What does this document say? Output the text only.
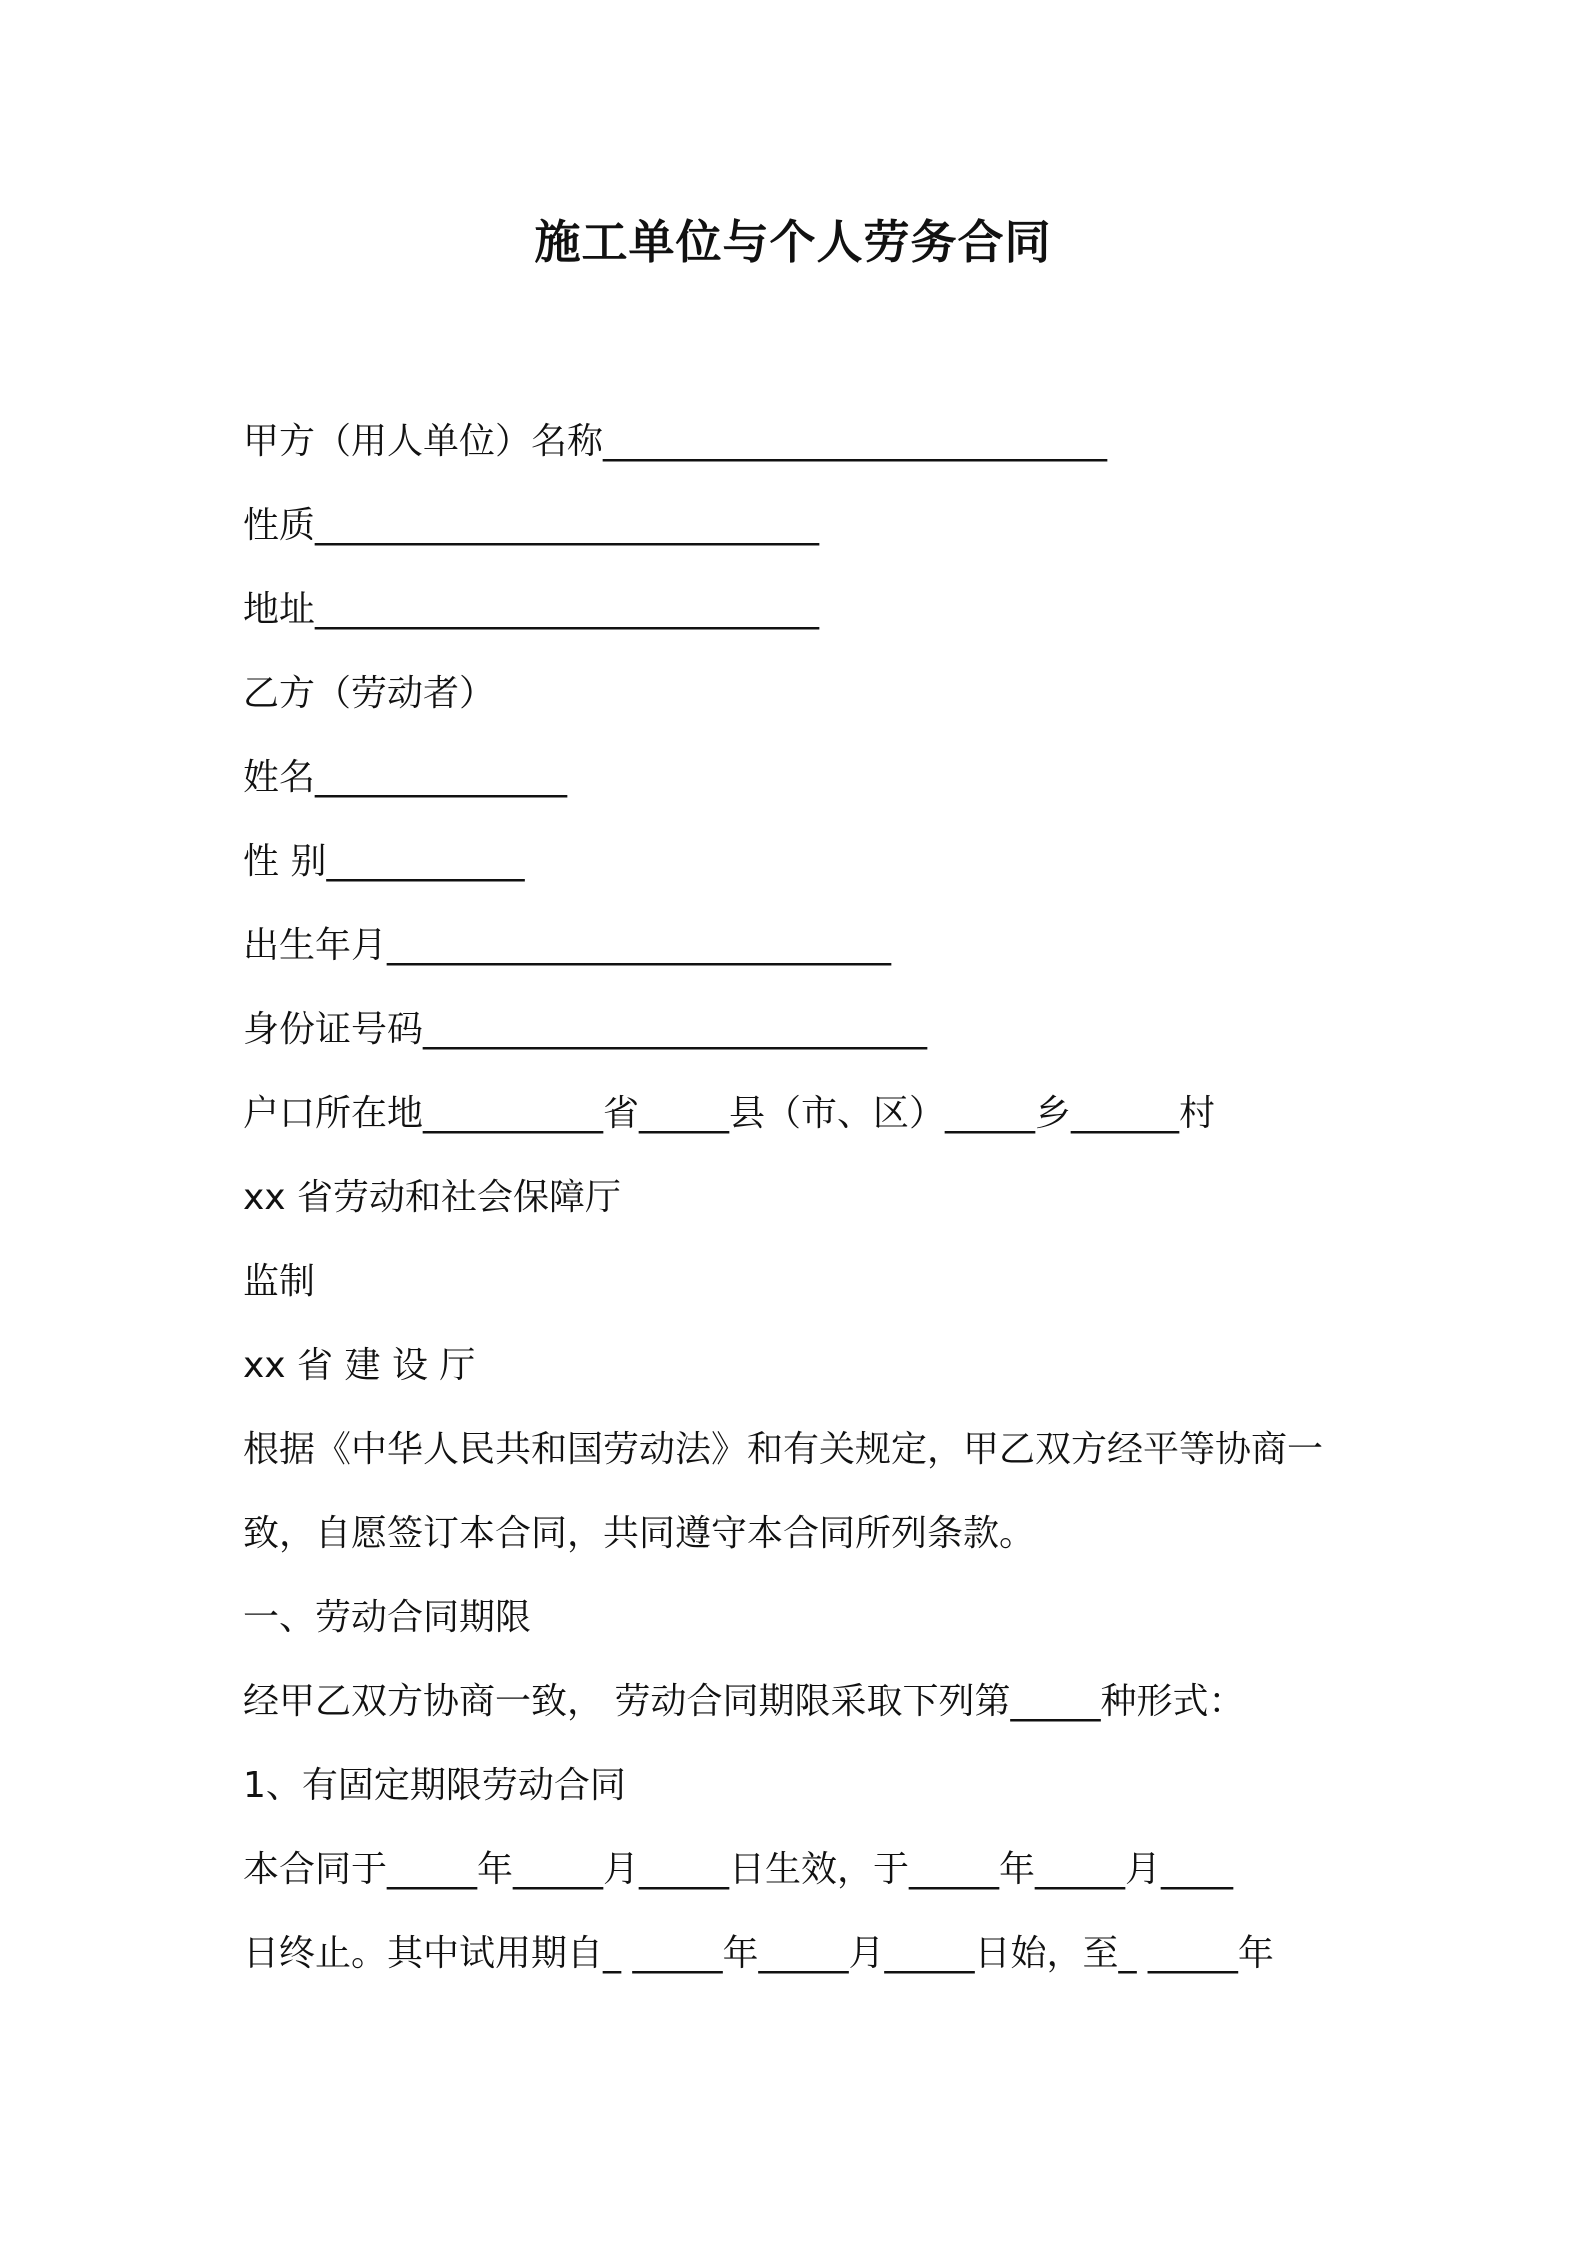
施工单位与个人劳务合同
甲方（用人单位）名称____________________________
性质____________________________
地址____________________________
乙方（劳动者）
姓名______________
性 别___________
出生年月____________________________
身份证号码____________________________
户口所在地__________省_____县（市、区）_____乡______村
xx 省劳动和社会保障厅
监制
xx 省 建 设 厅
根据《中华人民共和国劳动法》和有关规定，甲乙双方经平等协商一
致，自愿签订本合同，共同遵守本合同所列条款。
一、劳动合同期限
经甲乙双方协商一致， 劳动合同期限采取下列第_____种形式：
1、有固定期限劳动合同
本合同于_____年_____月_____日生效，于_____年_____月____
日终止。其中试用期自_ _____年_____月_____日始，至_ _____年
